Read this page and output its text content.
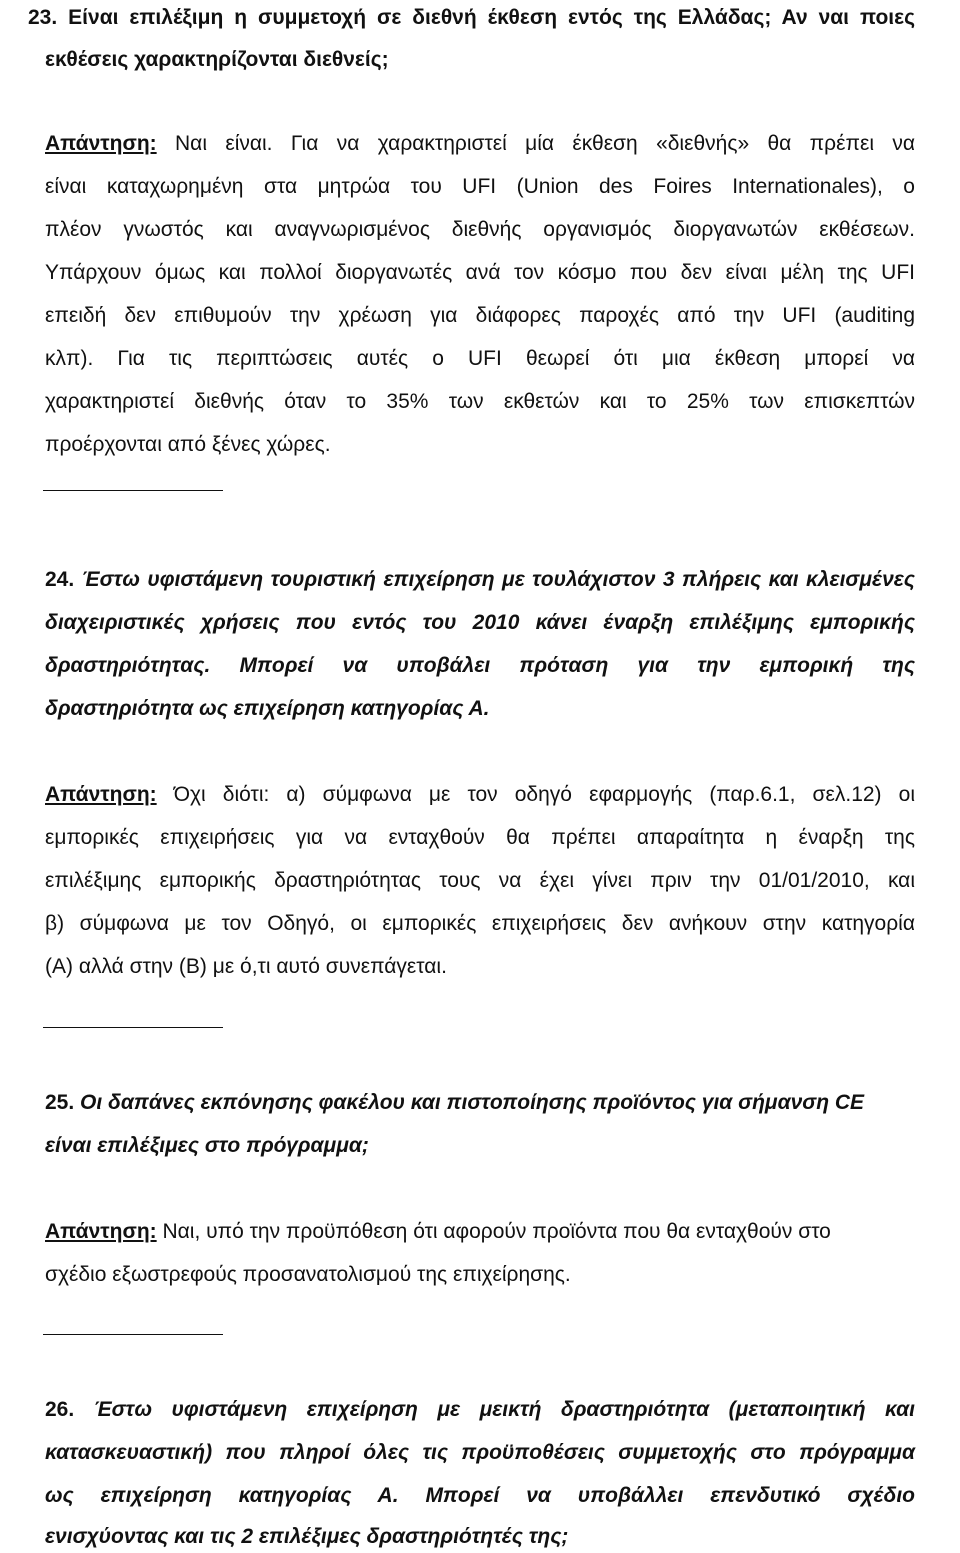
23. Είναι επιλέξιμη η συμμετοχή σε διεθνή έκθεση εντός της Ελλάδας; Αν ναι ποιες
εκθέσεις χαρακτηρίζονται διεθνείς;
Απάντηση: Ναι είναι. Για να χαρακτηριστεί μία έκθεση «διεθνής» θα πρέπει να
είναι καταχωρημένη στα μητρώα του UFI (Union des Foires Internationales), ο
πλέον γνωστός και αναγνωρισμένος διεθνής οργανισμός διοργανωτών εκθέσεων.
Υπάρχουν όμως και πολλοί διοργανωτές ανά τον κόσμο που δεν είναι μέλη της UFI
επειδή δεν επιθυμούν την χρέωση για διάφορες παροχές από την UFI (auditing
κλπ). Για τις περιπτώσεις αυτές ο UFI θεωρεί ότι μια έκθεση μπορεί να
χαρακτηριστεί διεθνής όταν το 35% των εκθετών και το 25% των επισκεπτών
προέρχονται από ξένες χώρες.
24. Έστω υφιστάμενη τουριστική επιχείρηση με τουλάχιστον 3 πλήρεις και κλεισμένες
διαχειριστικές χρήσεις που εντός του 2010 κάνει έναρξη επιλέξιμης εμπορικής
δραστηριότητας. Μπορεί να υποβάλει πρόταση για την εμπορική της
δραστηριότητα ως επιχείρηση κατηγορίας Α.
Απάντηση: Όχι διότι: α) σύμφωνα με τον οδηγό εφαρμογής (παρ.6.1, σελ.12) οι
εμπορικές επιχειρήσεις για να ενταχθούν θα πρέπει απαραίτητα η έναρξη της
επιλέξιμης εμπορικής δραστηριότητας τους να έχει γίνει πριν την 01/01/2010, και
β) σύμφωνα με τον Οδηγό, οι εμπορικές επιχειρήσεις δεν ανήκουν στην κατηγορία
(Α) αλλά στην (Β) με ό,τι αυτό συνεπάγεται.
25. Οι δαπάνες εκπόνησης φακέλου και πιστοποίησης προϊόντος για σήμανση CE
είναι επιλέξιμες στο πρόγραμμα;
Απάντηση: Ναι, υπό την προϋπόθεση ότι αφορούν προϊόντα που θα ενταχθούν στο
σχέδιο εξωστρεφούς προσανατολισμού της επιχείρησης.
26. Έστω υφιστάμενη επιχείρηση με μεικτή δραστηριότητα (μεταποιητική και
κατασκευαστική) που πληροί όλες τις προϋποθέσεις συμμετοχής στο πρόγραμμα
ως επιχείρηση κατηγορίας Α. Μπορεί να υποβάλλει επενδυτικό σχέδιο
ενισχύοντας και τις 2 επιλέξιμες δραστηριότητές της;
